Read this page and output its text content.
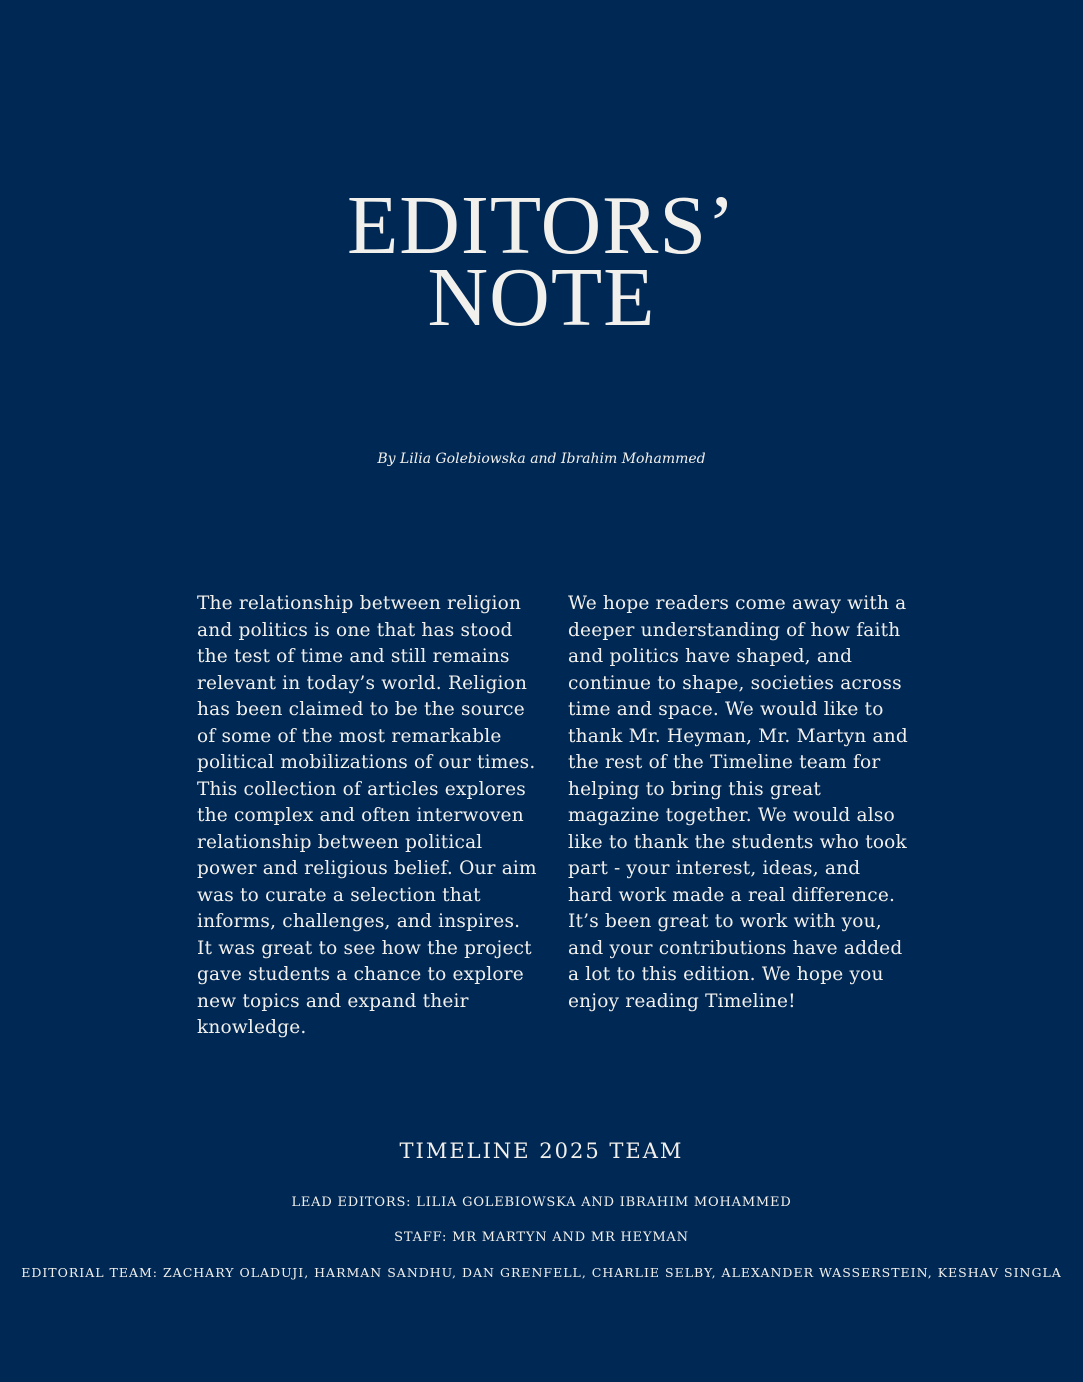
EDITORS’
NOTE
By Lilia Golebiowska and Ibrahim Mohammed

The relationship between religion and politics is one that has stood the test of time and still remains relevant in today’s world. Religion has been claimed to be the source of some of the most remarkable political mobilizations of our times. This collection of articles explores the complex and often interwoven relationship between political power and religious belief. Our aim was to curate a selection that informs, challenges, and inspires. It was great to see how the project gave students a chance to explore new topics and expand their knowledge.

We hope readers come away with a deeper understanding of how faith and politics have shaped, and continue to shape, societies across time and space. We would like to thank Mr. Heyman, Mr. Martyn and the rest of the Timeline team for helping to bring this great magazine together. We would also like to thank the students who took part - your interest, ideas, and hard work made a real difference. It’s been great to work with you, and your contributions have added a lot to this edition. We hope you enjoy reading Timeline!

TIMELINE 2025 TEAM
LEAD EDITORS: LILIA GOLEBIOWSKA AND IBRAHIM MOHAMMED
STAFF: MR MARTYN AND MR HEYMAN
EDITORIAL TEAM: ZACHARY OLADUJI, HARMAN SANDHU, DAN GRENFELL, CHARLIE SELBY, ALEXANDER WASSERSTEIN, KESHAV SINGLA
